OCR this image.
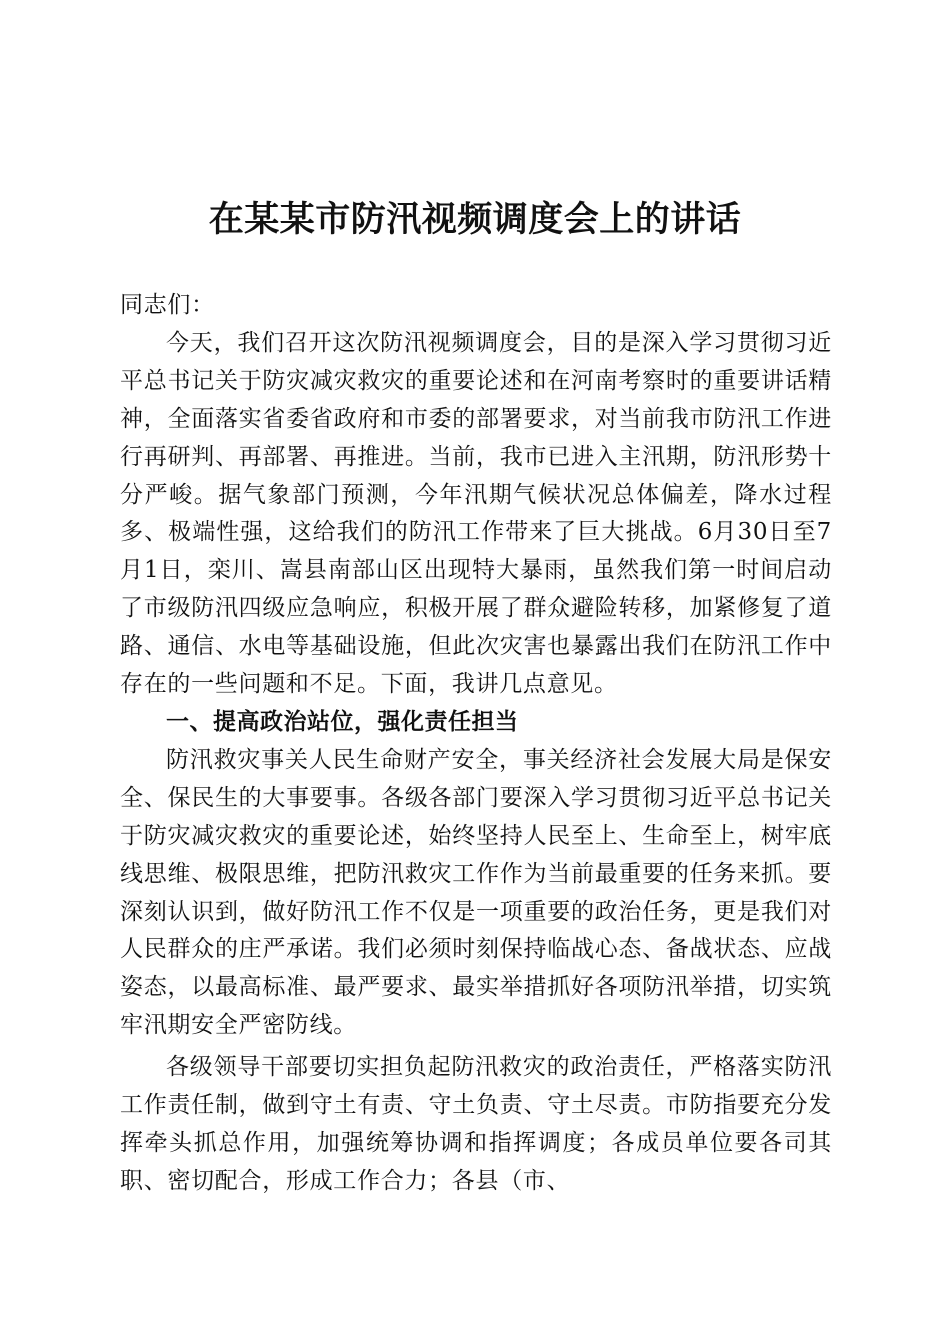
在某某市防汛视频调度会上的讲话

同志们：

今天，我们召开这次防汛视频调度会，目的是深入学习贯彻习近平总书记关于防灾减灾救灾的重要论述和在河南考察时的重要讲话精神，全面落实省委省政府和市委的部署要求，对当前我市防汛工作进行再研判、再部署、再推进。当前，我市已进入主汛期，防汛形势十分严峻。据气象部门预测，今年汛期气候状况总体偏差，降水过程多、极端性强，这给我们的防汛工作带来了巨大挑战。6月30日至7月1日，栾川、嵩县南部山区出现特大暴雨，虽然我们第一时间启动了市级防汛四级应急响应，积极开展了群众避险转移，加紧修复了道路、通信、水电等基础设施，但此次灾害也暴露出我们在防汛工作中存在的一些问题和不足。下面，我讲几点意见。

一、提高政治站位，强化责任担当

防汛救灾事关人民生命财产安全，事关经济社会发展大局是保安全、保民生的大事要事。各级各部门要深入学习贯彻习近平总书记关于防灾减灾救灾的重要论述，始终坚持人民至上、生命至上，树牢底线思维、极限思维，把防汛救灾工作作为当前最重要的任务来抓。要深刻认识到，做好防汛工作不仅是一项重要的政治任务，更是我们对人民群众的庄严承诺。我们必须时刻保持临战心态、备战状态、应战姿态，以最高标准、最严要求、最实举措抓好各项防汛举措，切实筑牢汛期安全严密防线。

各级领导干部要切实担负起防汛救灾的政治责任，严格落实防汛工作责任制，做到守土有责、守土负责、守土尽责。市防指要充分发挥牵头抓总作用，加强统筹协调和指挥调度；各成员单位要各司其职、密切配合，形成工作合力；各县（市、
